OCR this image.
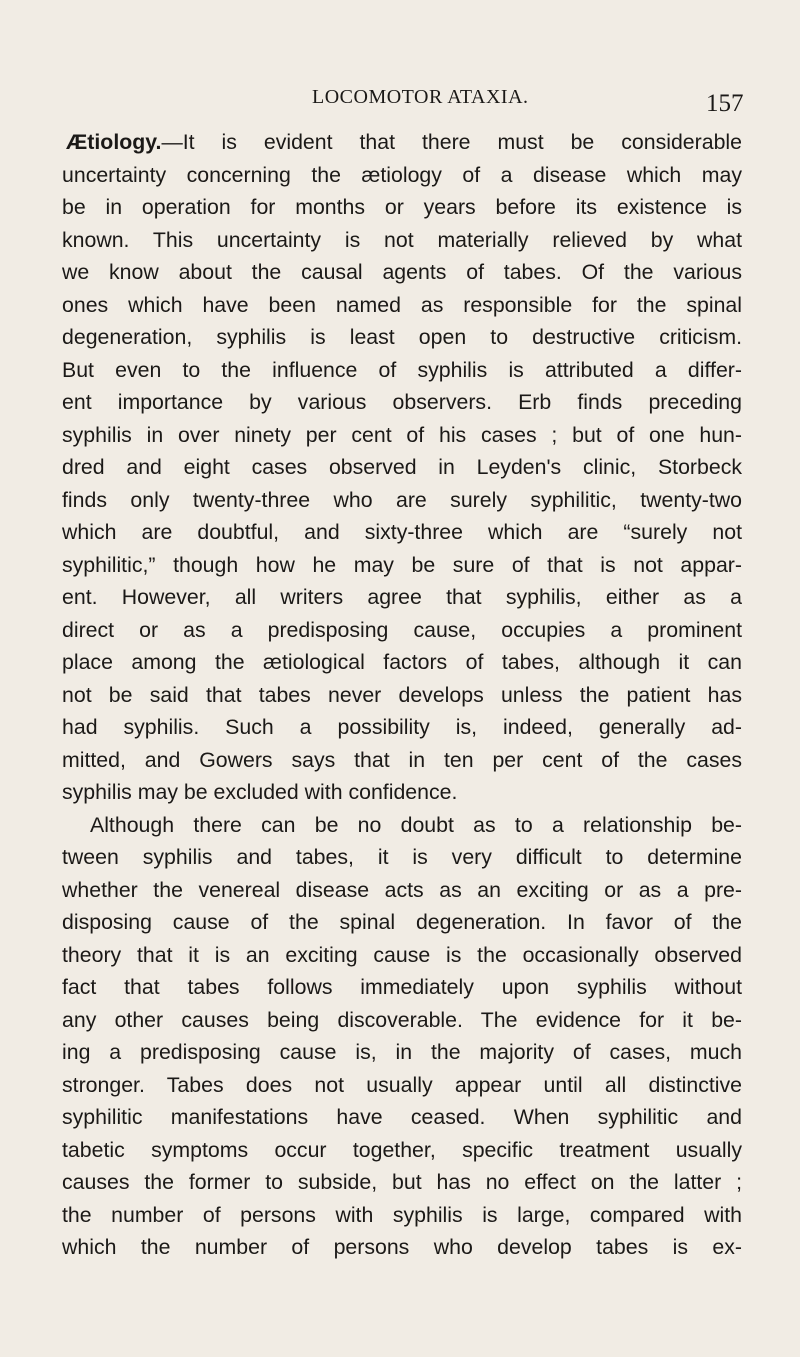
LOCOMOTOR ATAXIA.	157
Ætiology.—It is evident that there must be considerable
uncertainty concerning the ætiology of a disease which may
be in operation for months or years before its existence is
known. This uncertainty is not materially relieved by what
we know about the causal agents of tabes. Of the various
ones which have been named as responsible for the spinal
degeneration, syphilis is least open to destructive criticism.
But even to the influence of syphilis is attributed a differ-
ent importance by various observers. Erb finds preceding
syphilis in over ninety per cent of his cases ; but of one hun-
dred and eight cases observed in Leyden's clinic, Storbeck
finds only twenty-three who are surely syphilitic, twenty-two
which are doubtful, and sixty-three which are “surely not
syphilitic,” though how he may be sure of that is not appar-
ent. However, all writers agree that syphilis, either as a
direct or as a predisposing cause, occupies a prominent
place among the ætiological factors of tabes, although it can
not be said that tabes never develops unless the patient has
had syphilis. Such a possibility is, indeed, generally ad-
mitted, and Gowers says that in ten per cent of the cases
syphilis may be excluded with confidence.
Although there can be no doubt as to a relationship be-
tween syphilis and tabes, it is very difficult to determine
whether the venereal disease acts as an exciting or as a pre-
disposing cause of the spinal degeneration. In favor of the
theory that it is an exciting cause is the occasionally observed
fact that tabes follows immediately upon syphilis without
any other causes being discoverable. The evidence for it be-
ing a predisposing cause is, in the majority of cases, much
stronger. Tabes does not usually appear until all distinctive
syphilitic manifestations have ceased. When syphilitic and
tabetic symptoms occur together, specific treatment usually
causes the former to subside, but has no effect on the latter ;
the number of persons with syphilis is large, compared with
which the number of persons who develop tabes is ex-
